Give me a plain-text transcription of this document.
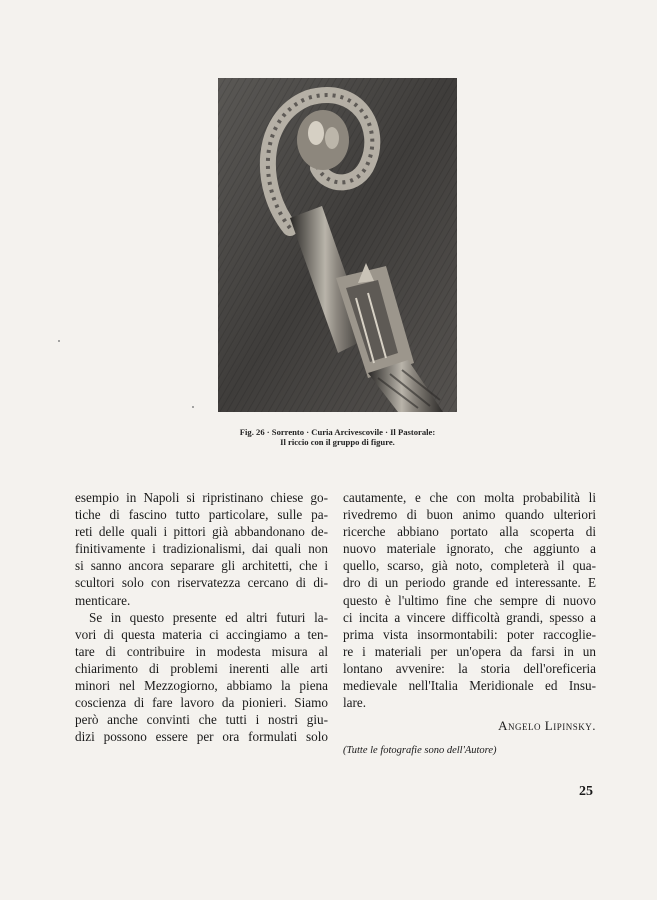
Fig. 26 · Sorrento · Curia Arcivescovile · Il Pastorale:
Il riccio con il gruppo di figure.

esempio in Napoli si ripristinano chiese go-
tiche di fascino tutto particolare, sulle pa-
reti delle quali i pittori già abbandonano de-
finitivamente i tradizionalismi, dai quali non
si sanno ancora separare gli architetti, che i
scultori solo con riservatezza cercano di di-
menticare.

Se in questo presente ed altri futuri la-
vori di questa materia ci accingiamo a ten-
tare di contribuire in modesta misura al
chiarimento di problemi inerenti alle arti
minori nel Mezzogiorno, abbiamo la piena
coscienza di fare lavoro da pionieri. Siamo
però anche convinti che tutti i nostri giu-
dizi possono essere per ora formulati solo

cautamente, e che con molta probabilità li
rivedremo di buon animo quando ulteriori
ricerche abbiano portato alla scoperta di
nuovo materiale ignorato, che aggiunto a
quello, scarso, già noto, completerà il qua-
dro di un periodo grande ed interessante. E
questo è l'ultimo fine che sempre di nuovo
ci incita a vincere difficoltà grandi, spesso a
prima vista insormontabili: poter raccoglie-
re i materiali per un'opera da farsi in un
lontano avvenire: la storia dell'oreficeria
medievale nell'Italia Meridionale ed Insu-
lare.

Angelo Lipinsky.
(Tutte le fotografie sono dell'Autore)
25
